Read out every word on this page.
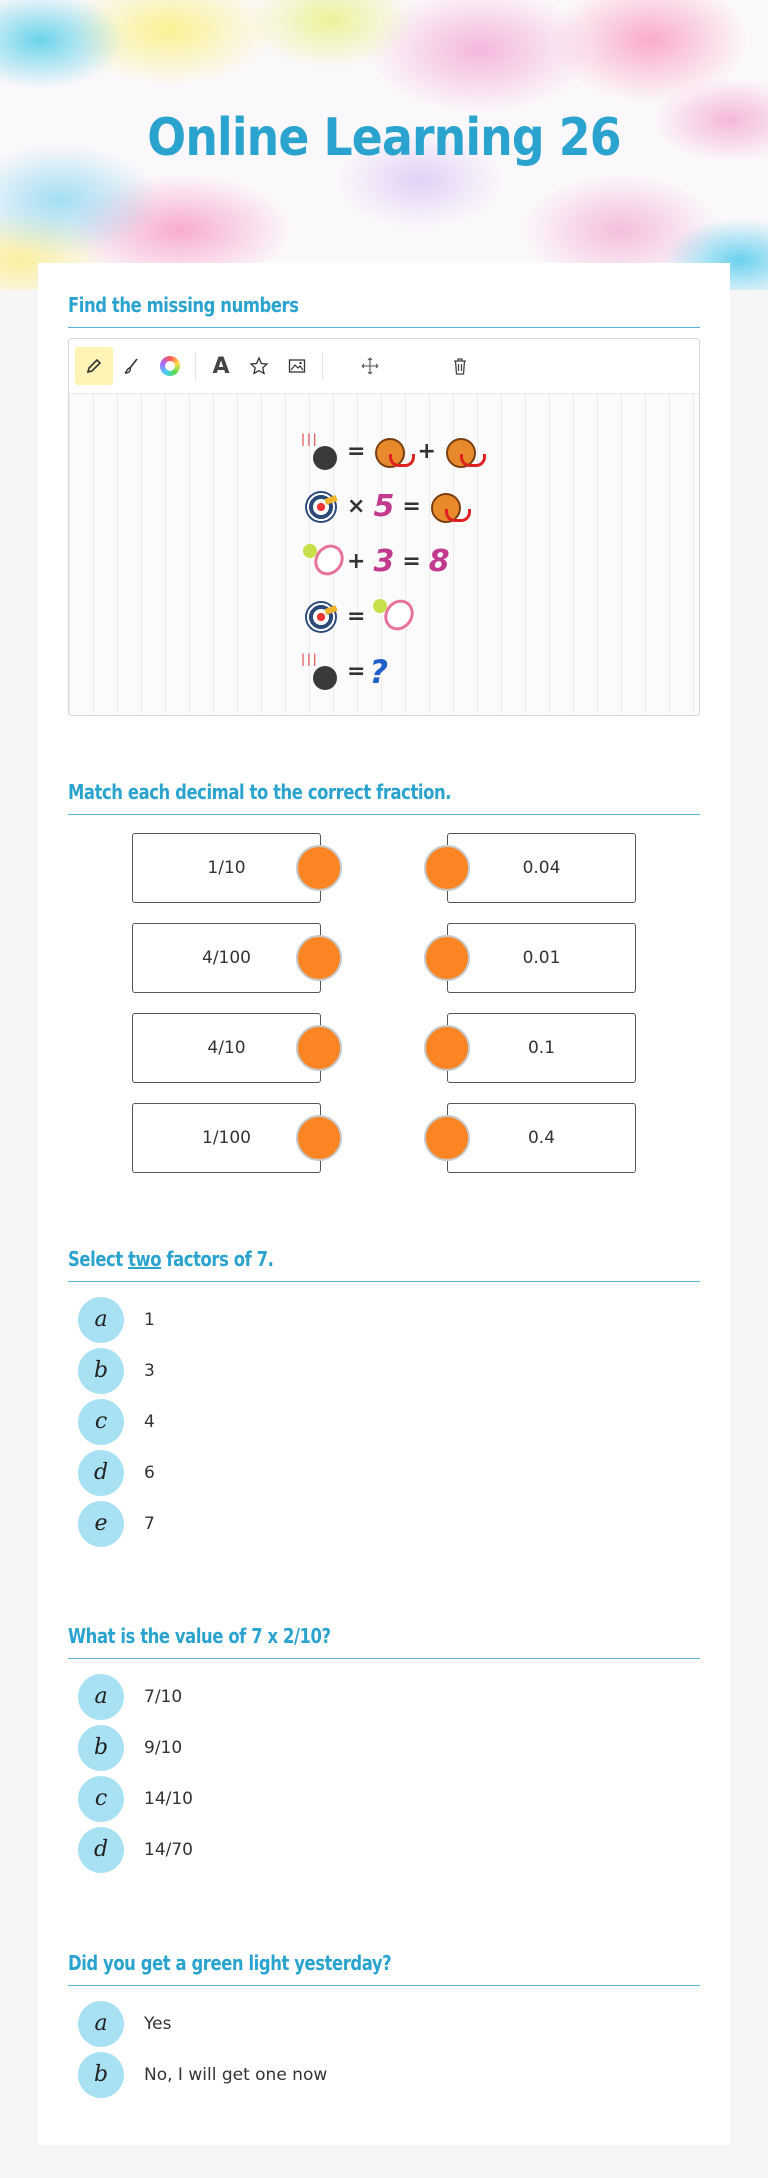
Online Learning 26
Find the missing numbers
A
| | |
= +
× 5 =
+ 3 = 8
=
| | |
= ?
Match each decimal to the correct fraction.
1/10
4/100
4/10
1/100
0.04
0.01
0.1
0.4
Select two factors of 7.
a	1
b	3
c	4
d	6
e	7
What is the value of 7 x 2/10?
a	7/10
b	9/10
c	14/10
d	14/70
Did you get a green light yesterday?
a	Yes
b	No, I will get one now
